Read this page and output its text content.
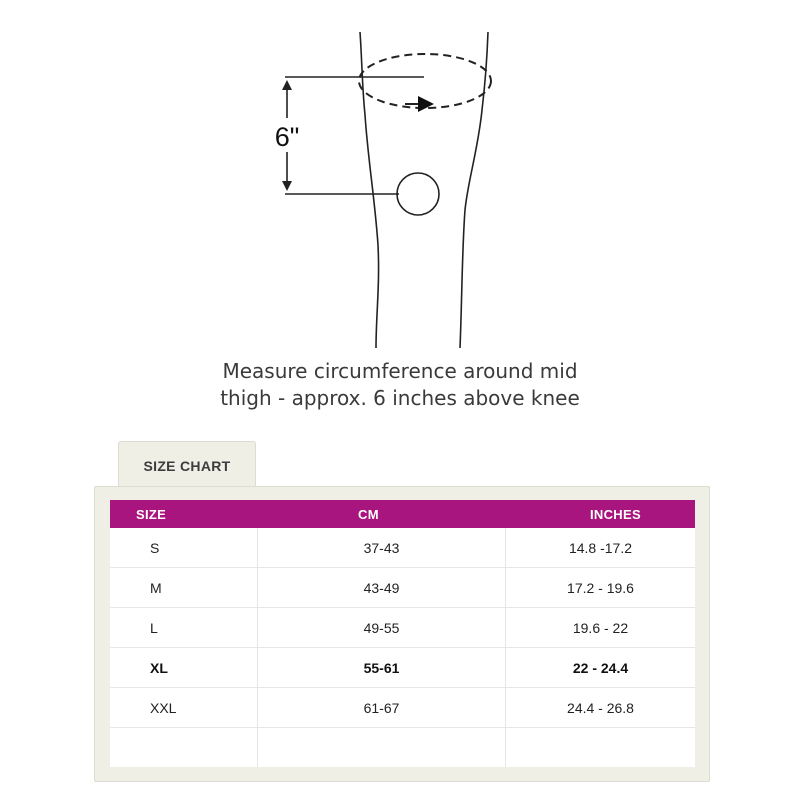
6"
Measure circumference around mid
thigh - approx. 6 inches above knee
SIZE CHART
SIZE	CM	INCHES
S	37-43	14.8 -17.2
M	43-49	17.2 - 19.6
L	49-55	19.6 - 22
XL	55-61	22 - 24.4
XXL	61-67	24.4 - 26.8
